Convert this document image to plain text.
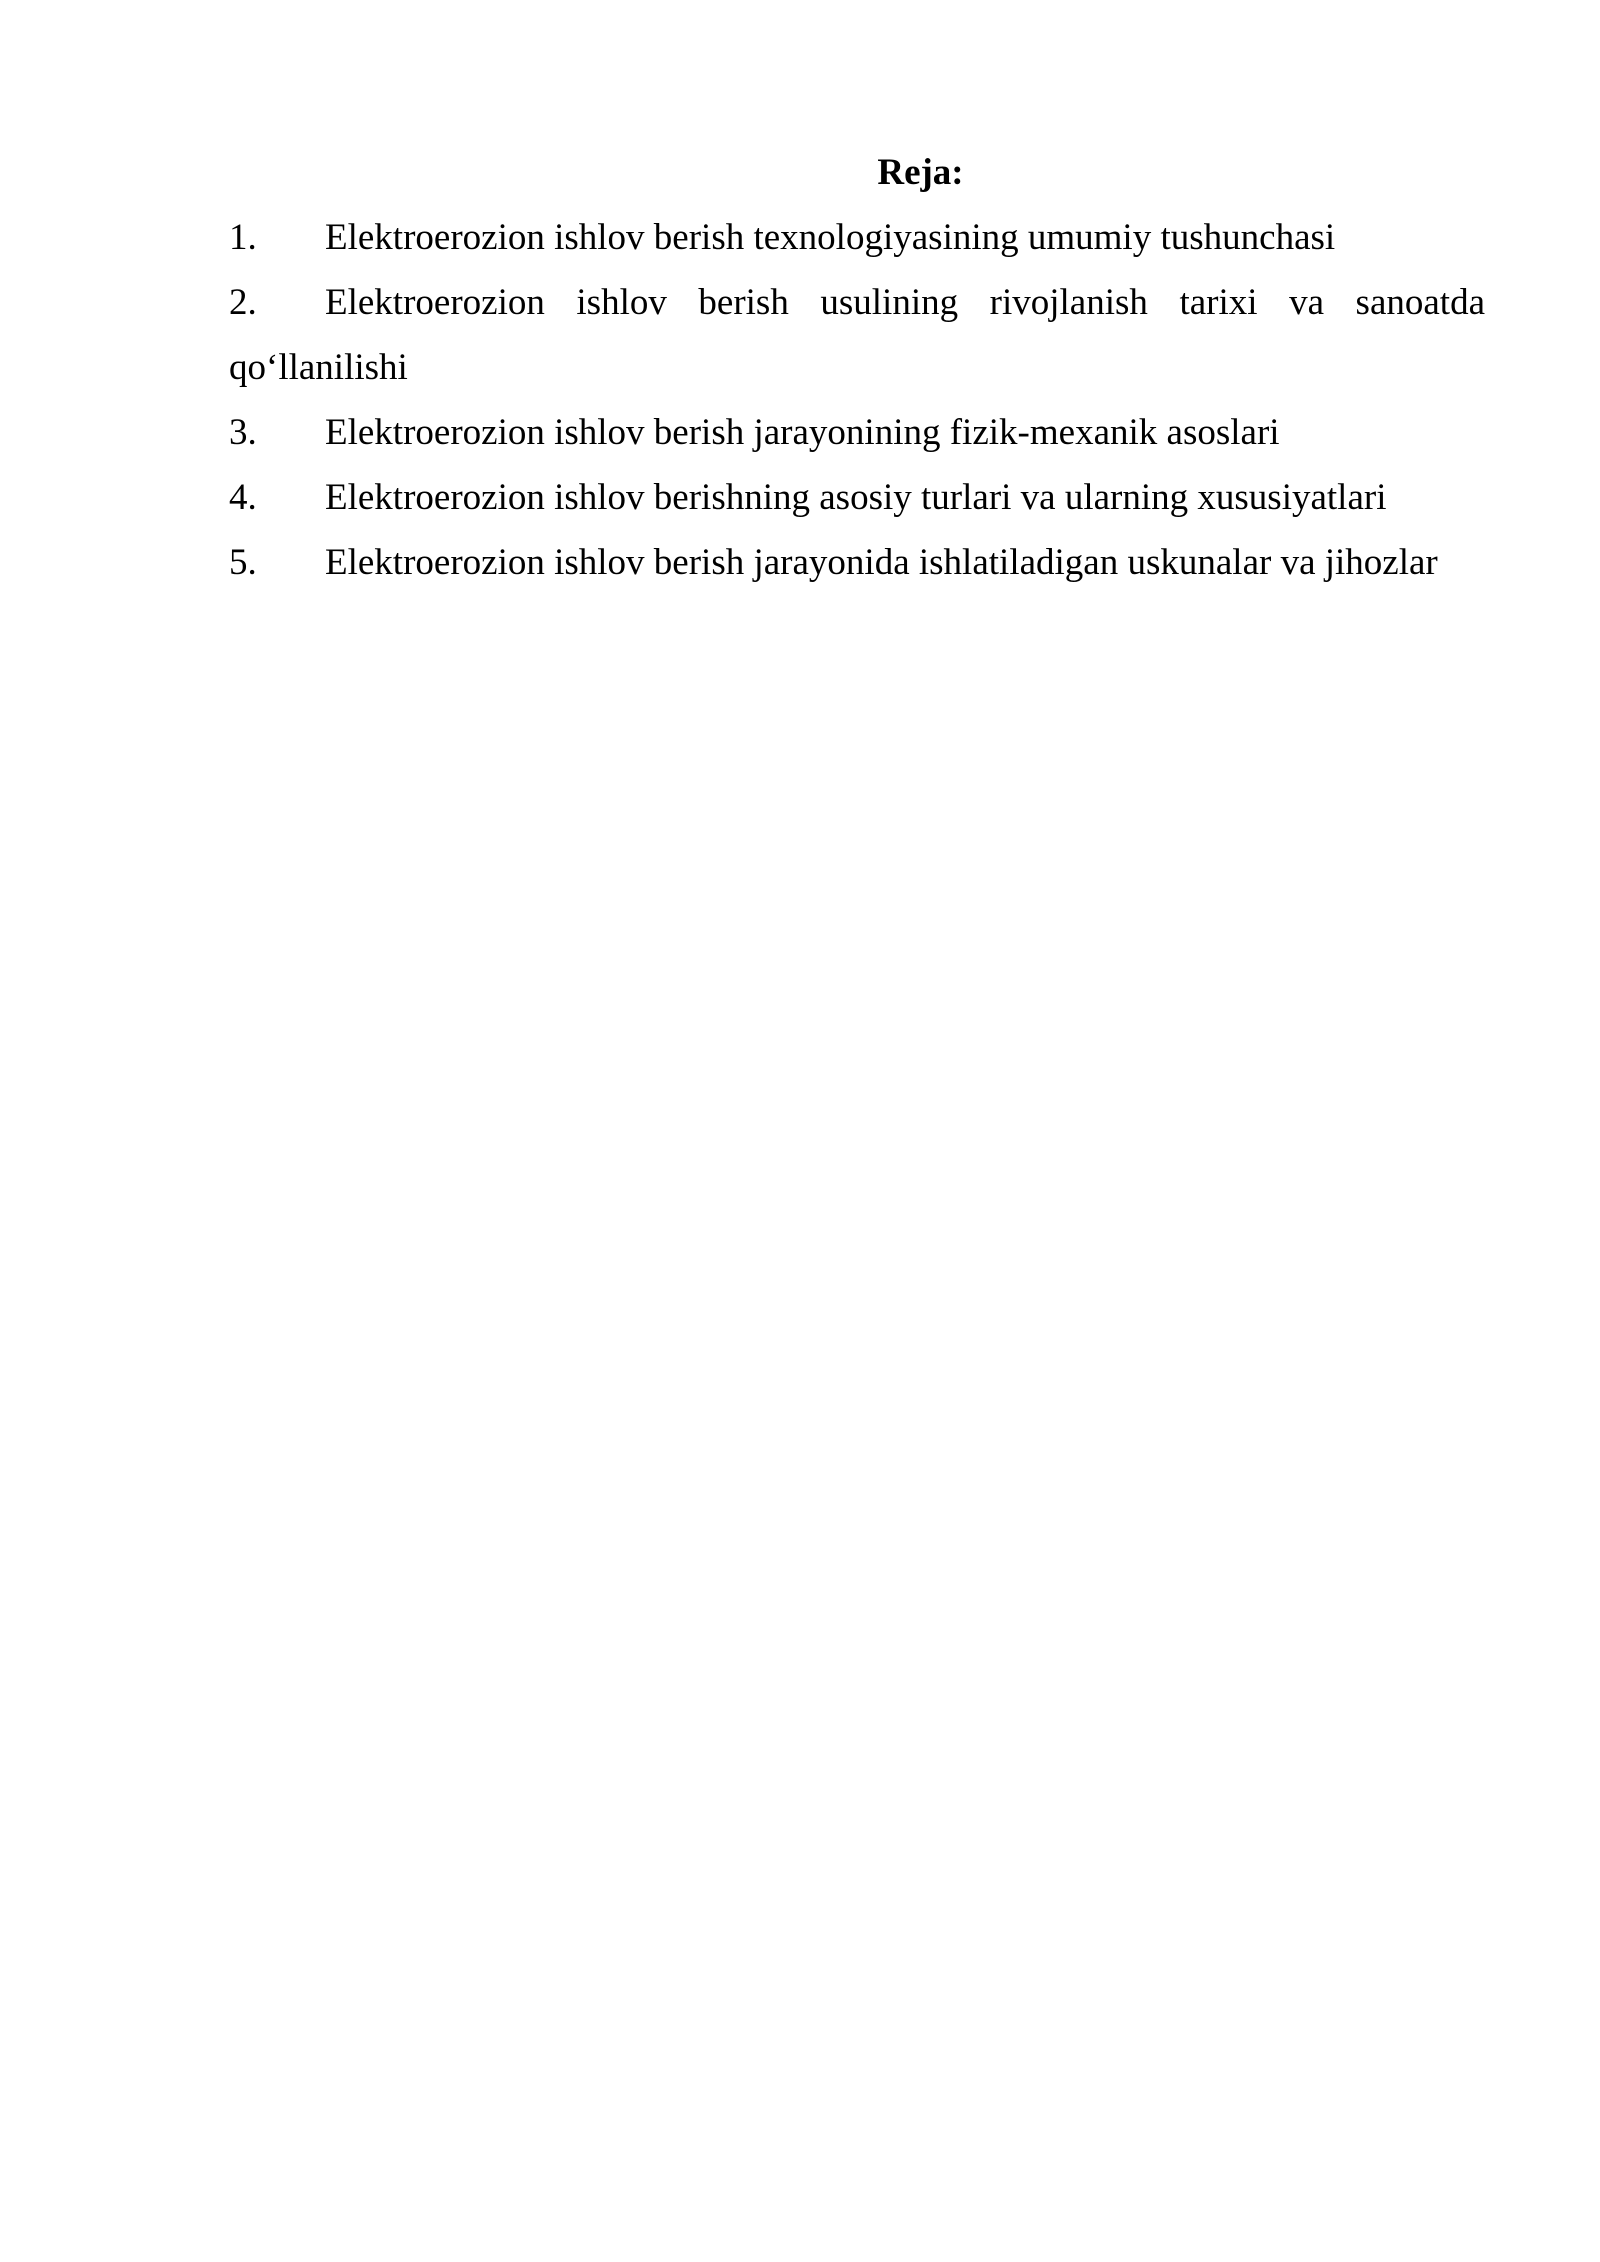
Reja:
1. Elektroerozion ishlov berish texnologiyasining umumiy tushunchasi
2. Elektroerozion ishlov berish usulining rivojlanish tarixi va sanoatda qo‘llanilishi
3. Elektroerozion ishlov berish jarayonining fizik-mexanik asoslari
4. Elektroerozion ishlov berishning asosiy turlari va ularning xususiyatlari
5. Elektroerozion ishlov berish jarayonida ishlatiladigan uskunalar va jihozlar
